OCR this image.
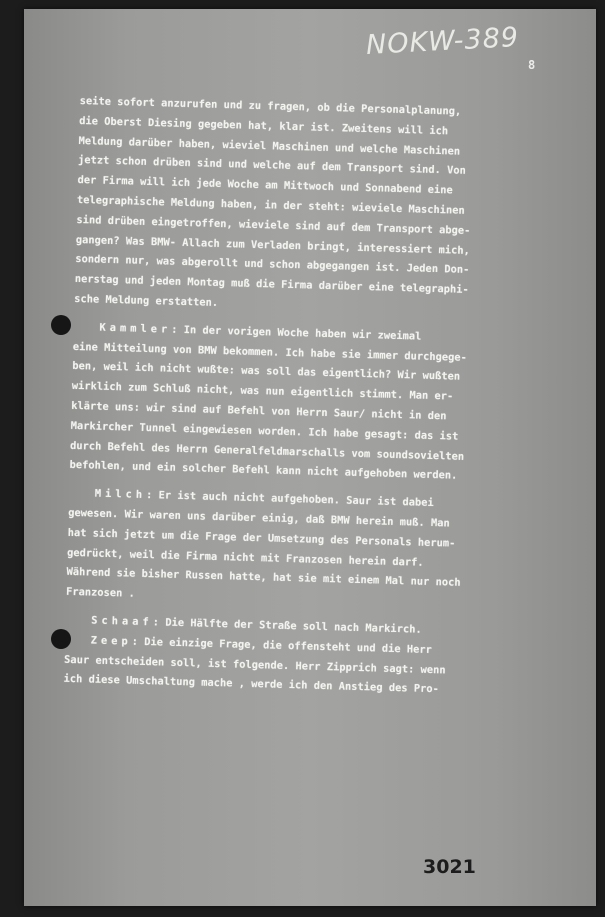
NOKW-389
8
seite sofort anzurufen und zu fragen, ob die Personalplanung,
die Oberst Diesing gegeben hat, klar ist. Zweitens will ich
Meldung darüber haben, wieviel Maschinen und welche Maschinen
jetzt schon drüben sind und welche auf dem Transport sind. Von
der Firma will ich jede Woche am Mittwoch und Sonnabend eine
telegraphische Meldung haben, in der steht: wieviele Maschinen
sind drüben eingetroffen, wieviele sind auf dem Transport abge-
gangen? Was BMW- Allach zum Verladen bringt, interessiert mich,
sondern nur, was abgerollt und schon abgegangen ist. Jeden Don-
nerstag und jeden Montag muß die Firma darüber eine telegraphi-
sche Meldung erstatten.
Kammler: In der vorigen Woche haben wir zweimal
eine Mitteilung von BMW bekommen. Ich habe sie immer durchgege-
ben, weil ich nicht wußte: was soll das eigentlich? Wir wußten
wirklich zum Schluß nicht, was nun eigentlich stimmt. Man er-
klärte uns: wir sind auf Befehl von Herrn Saur/ nicht in den
Markircher Tunnel eingewiesen worden. Ich habe gesagt: das ist
durch Befehl des Herrn Generalfeldmarschalls vom soundsovielten
befohlen, und ein solcher Befehl kann nicht aufgehoben werden.
Milch: Er ist auch nicht aufgehoben. Saur ist dabei
gewesen. Wir waren uns darüber einig, daß BMW herein muß. Man
hat sich jetzt um die Frage der Umsetzung des Personals herum-
gedrückt, weil die Firma nicht mit Franzosen herein darf.
Während sie bisher Russen hatte, hat sie mit einem Mal nur noch
Franzosen .
Schaaf: Die Hälfte der Straße soll nach Markirch.
Zeep: Die einzige Frage, die offensteht und die Herr
Saur entscheiden soll, ist folgende. Herr Zipprich sagt: wenn
ich diese Umschaltung mache , werde ich den Anstieg des Pro-
3021
